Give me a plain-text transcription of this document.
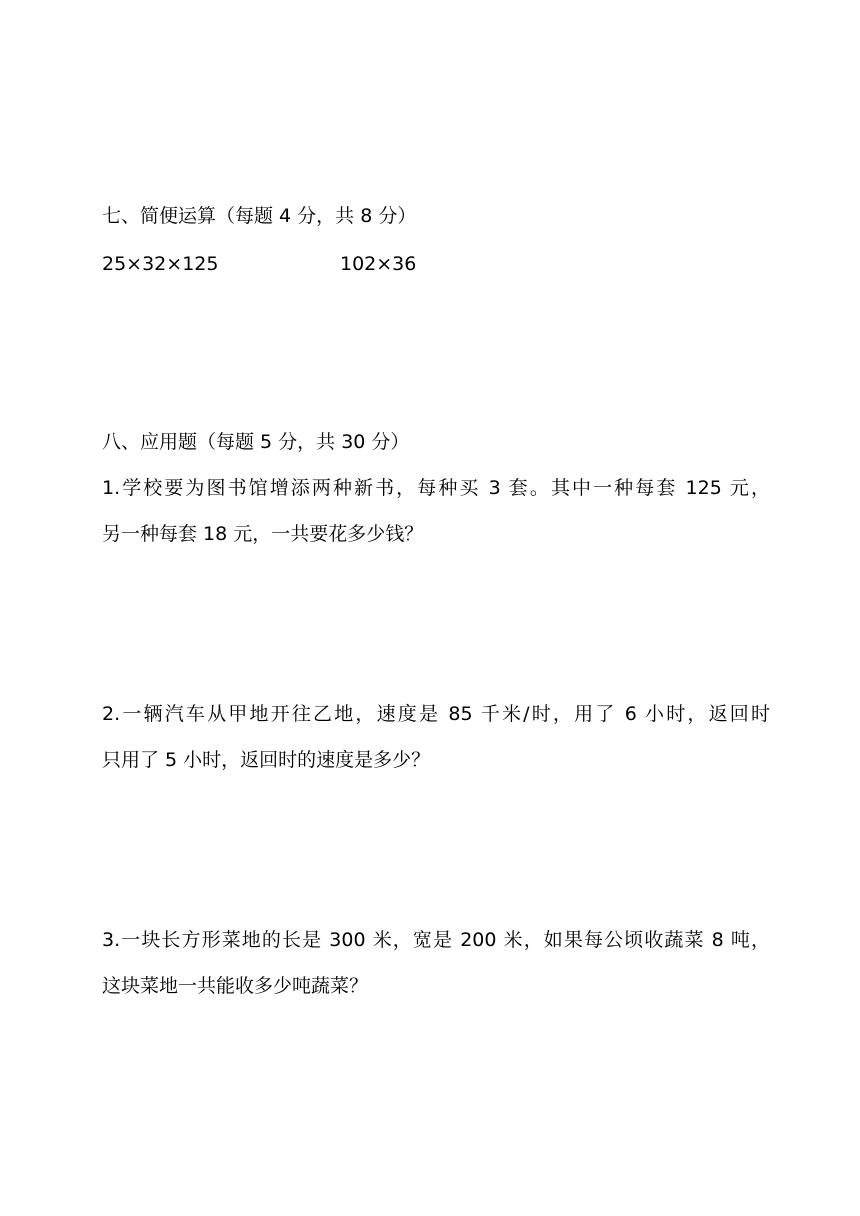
七、简便运算（每题 4 分，共 8 分）
25×32×125	102×36
八、应用题（每题 5 分，共 30 分）
1.学校要为图书馆增添两种新书，每种买 3 套。其中一种每套 125 元，
另一种每套 18 元，一共要花多少钱？
2.一辆汽车从甲地开往乙地，速度是 85 千米/时，用了 6 小时，返回时
只用了 5 小时，返回时的速度是多少？
3.一块长方形菜地的长是 300 米，宽是 200 米，如果每公顷收蔬菜 8 吨，
这块菜地一共能收多少吨蔬菜？
